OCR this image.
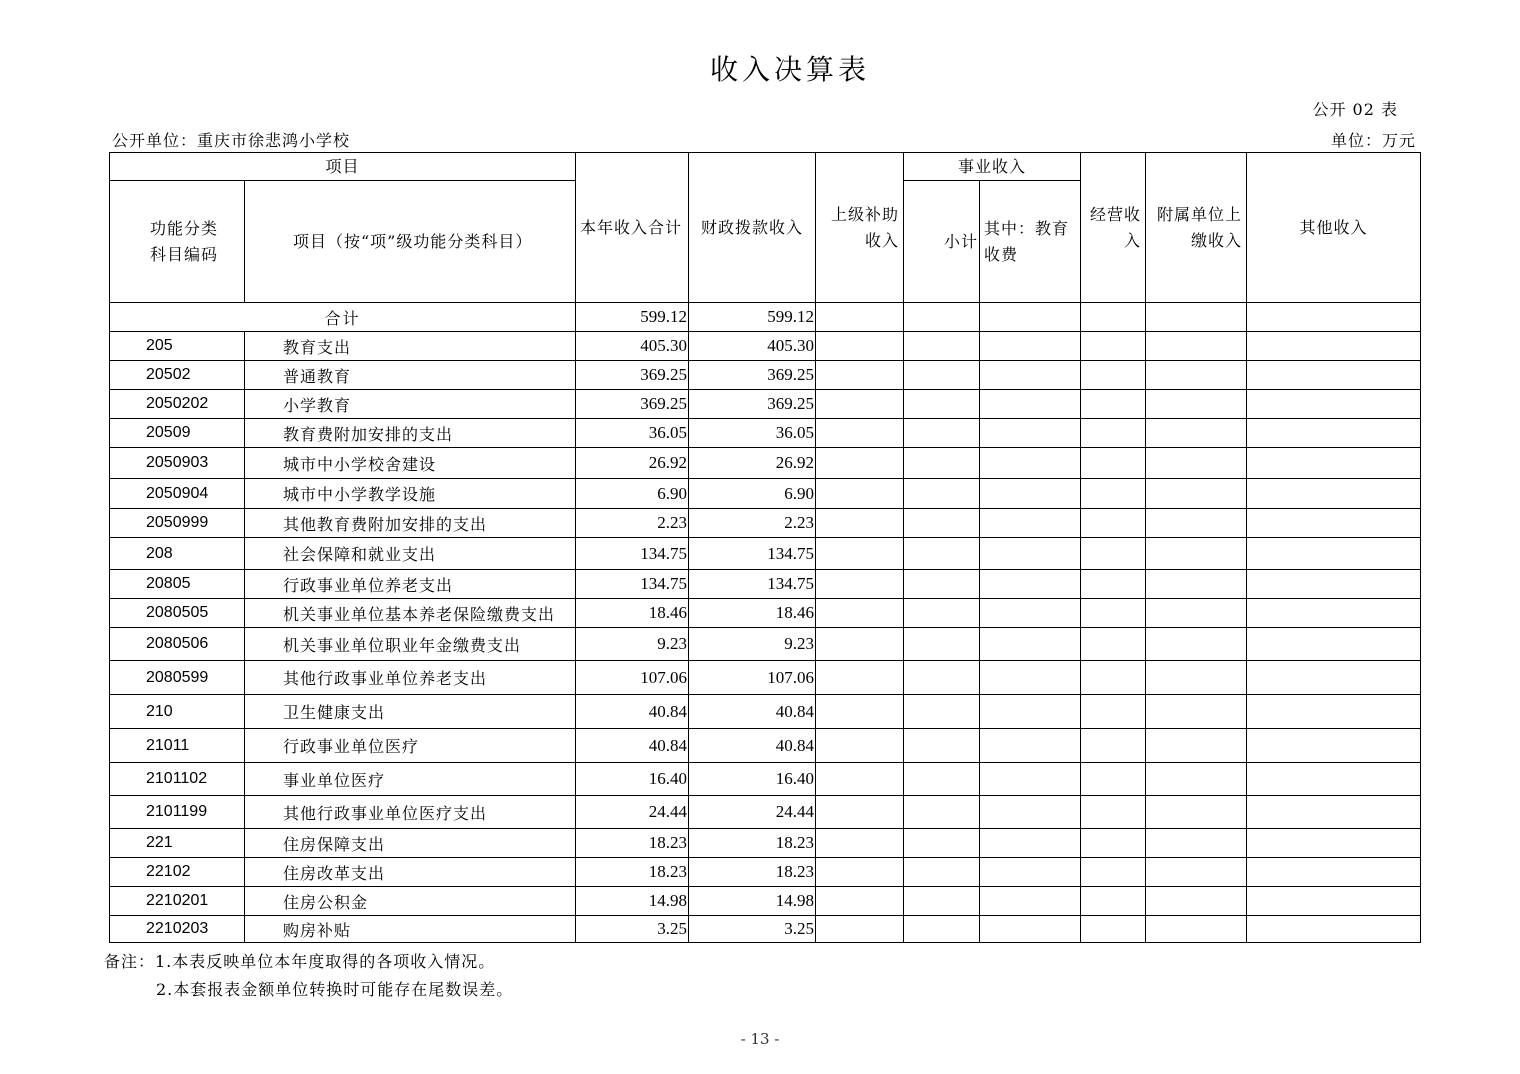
收入决算表
公开 02 表
公开单位：重庆市徐悲鸿小学校	单位：万元
项目		本年收入合计	财政拨款收入	上级补助收入	事业收入		经营收入	附属单位上缴收入	其他收入
功能分类科目编码	项目（按“项”级功能分类科目）				小计	其中：教育收费			
合计		599.12	599.12						
205	教育支出	405.30	405.30						
20502	普通教育	369.25	369.25						
2050202	小学教育	369.25	369.25						
20509	教育费附加安排的支出	36.05	36.05						
2050903	城市中小学校舍建设	26.92	26.92						
2050904	城市中小学教学设施	6.90	6.90						
2050999	其他教育费附加安排的支出	2.23	2.23						
208	社会保障和就业支出	134.75	134.75						
20805	行政事业单位养老支出	134.75	134.75						
2080505	机关事业单位基本养老保险缴费支出	18.46	18.46						
2080506	机关事业单位职业年金缴费支出	9.23	9.23						
2080599	其他行政事业单位养老支出	107.06	107.06						
210	卫生健康支出	40.84	40.84						
21011	行政事业单位医疗	40.84	40.84						
2101102	事业单位医疗	16.40	16.40						
2101199	其他行政事业单位医疗支出	24.44	24.44						
221	住房保障支出	18.23	18.23						
22102	住房改革支出	18.23	18.23						
2210201	住房公积金	14.98	14.98						
2210203	购房补贴	3.25	3.25						
备注：1.本表反映单位本年度取得的各项收入情况。
2.本套报表金额单位转换时可能存在尾数误差。
- 13 -
